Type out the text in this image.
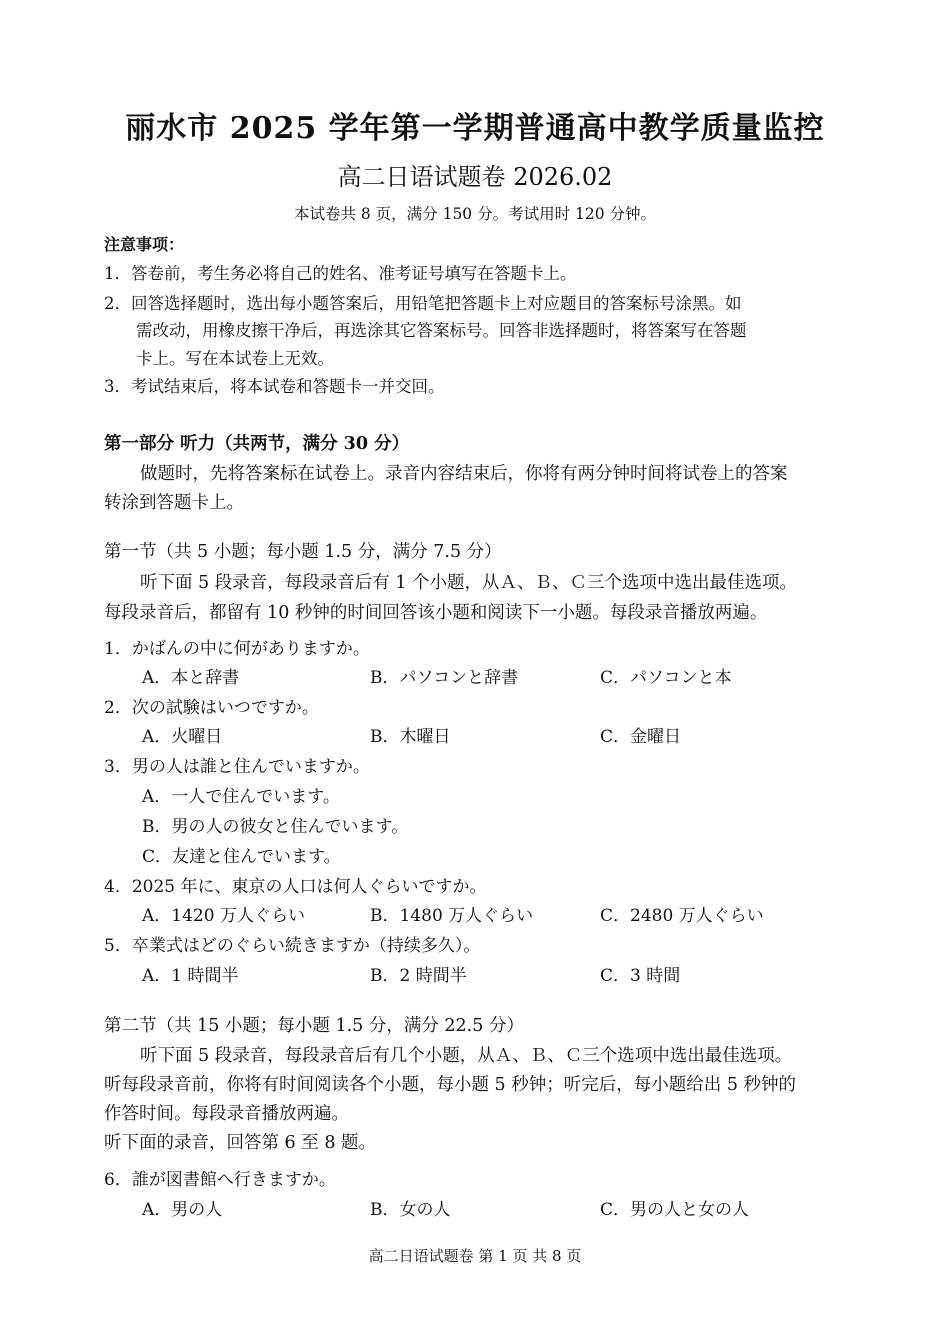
丽水市 2025 学年第一学期普通高中教学质量监控
高二日语试题卷 2026.02
本试卷共 8 页，满分 150 分。考试用时 120 分钟。
注意事项：
1．答卷前，考生务必将自己的姓名、准考证号填写在答题卡上。
2．回答选择题时，选出每小题答案后，用铅笔把答题卡上对应题目的答案标号涂黑。如
需改动，用橡皮擦干净后，再选涂其它答案标号。回答非选择题时，将答案写在答题
卡上。写在本试卷上无效。
3．考试结束后，将本试卷和答题卡一并交回。
第一部分 听力（共两节，满分 30 分）
做题时，先将答案标在试卷上。录音内容结束后，你将有两分钟时间将试卷上的答案
转涂到答题卡上。
第一节（共 5 小题；每小题 1.5 分，满分 7.5 分）
听下面 5 段录音，每段录音后有 1 个小题，从Ａ、Ｂ、Ｃ三个选项中选出最佳选项。
每段录音后，都留有 10 秒钟的时间回答该小题和阅读下一小题。每段录音播放两遍。
1．かばんの中に何がありますか。
A．本と辞書	B．パソコンと辞書	C．パソコンと本
2．次の試験はいつですか。
A．火曜日	B．木曜日	C．金曜日
3．男の人は誰と住んでいますか。
A．一人で住んでいます。
B．男の人の彼女と住んでいます。
C．友達と住んでいます。
4．2025 年に、東京の人口は何人ぐらいですか。
A．1420 万人ぐらい	B．1480 万人ぐらい	C．2480 万人ぐらい
5．卒業式はどのぐらい続きますか（持续多久）。
A．1 時間半	B．2 時間半	C．3 時間
第二节（共 15 小题；每小题 1.5 分，满分 22.5 分）
听下面 5 段录音，每段录音后有几个小题，从Ａ、Ｂ、Ｃ三个选项中选出最佳选项。
听每段录音前，你将有时间阅读各个小题，每小题 5 秒钟；听完后，每小题给出 5 秒钟的
作答时间。每段录音播放两遍。
听下面的录音，回答第 6 至 8 题。
6．誰が図書館へ行きますか。
A．男の人	B．女の人	C．男の人と女の人
高二日语试题卷 第 1 页 共 8 页
